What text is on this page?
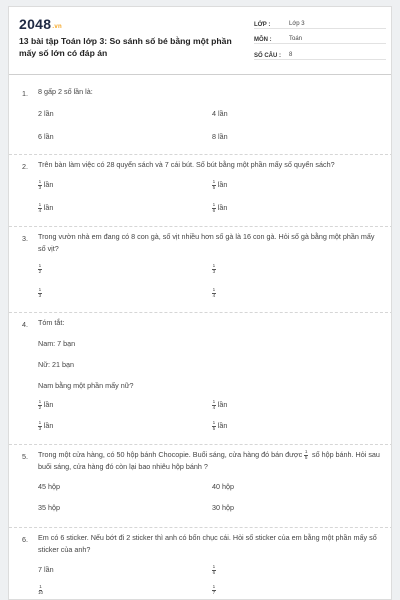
2048.vn
13 bài tập Toán lớp 3: So sánh số bé bằng một phần mấy số lớn có đáp án
LỚP :	Lớp 3
MÔN :	Toán
SỐ CÂU :	8
1. 8 gấp 2 số lần là:
2 lần	4 lần
6 lần	8 lần
2. Trên bàn làm việc có 28 quyển sách và 7 cái bút. Số bút bằng một phần mấy số quyển sách?
$\frac{1}{3}$ lần	$\frac{1}{5}$ lần
$\frac{1}{4}$ lần	$\frac{1}{6}$ lần
3. Trong vườn nhà em đang có 8 con gà, số vịt nhiều hơn số gà là 16 con gà. Hỏi số gà bằng một phần mấy số vịt?
$\frac{1}{2}$	$\frac{1}{3}$
$\frac{1}{3}$	$\frac{1}{4}$
4. Tóm tắt:
Nam: 7 bạn
Nữ: 21 bạn
Nam bằng một phần mấy nữ?
$\frac{1}{2}$ lần	$\frac{1}{4}$ lần
$\frac{1}{3}$ lần	$\frac{1}{5}$ lần
5. Trong một cửa hàng, có 50 hộp bánh Chocopie. Buổi sáng, cửa hàng đó bán được $\frac{1}{5}$ số hộp bánh. Hỏi sau buổi sáng, cửa hàng đó còn lại bao nhiêu hộp bánh ?
45 hộp	40 hộp
35 hộp	30 hộp
6. Em có 6 sticker. Nếu bớt đi 2 sticker thì anh có bốn chục cái. Hỏi số sticker của em bằng một phần mấy số sticker của anh?
7 lần	$\frac{1}{6}$
$\frac{1}{10}$	$\frac{1}{7}$
